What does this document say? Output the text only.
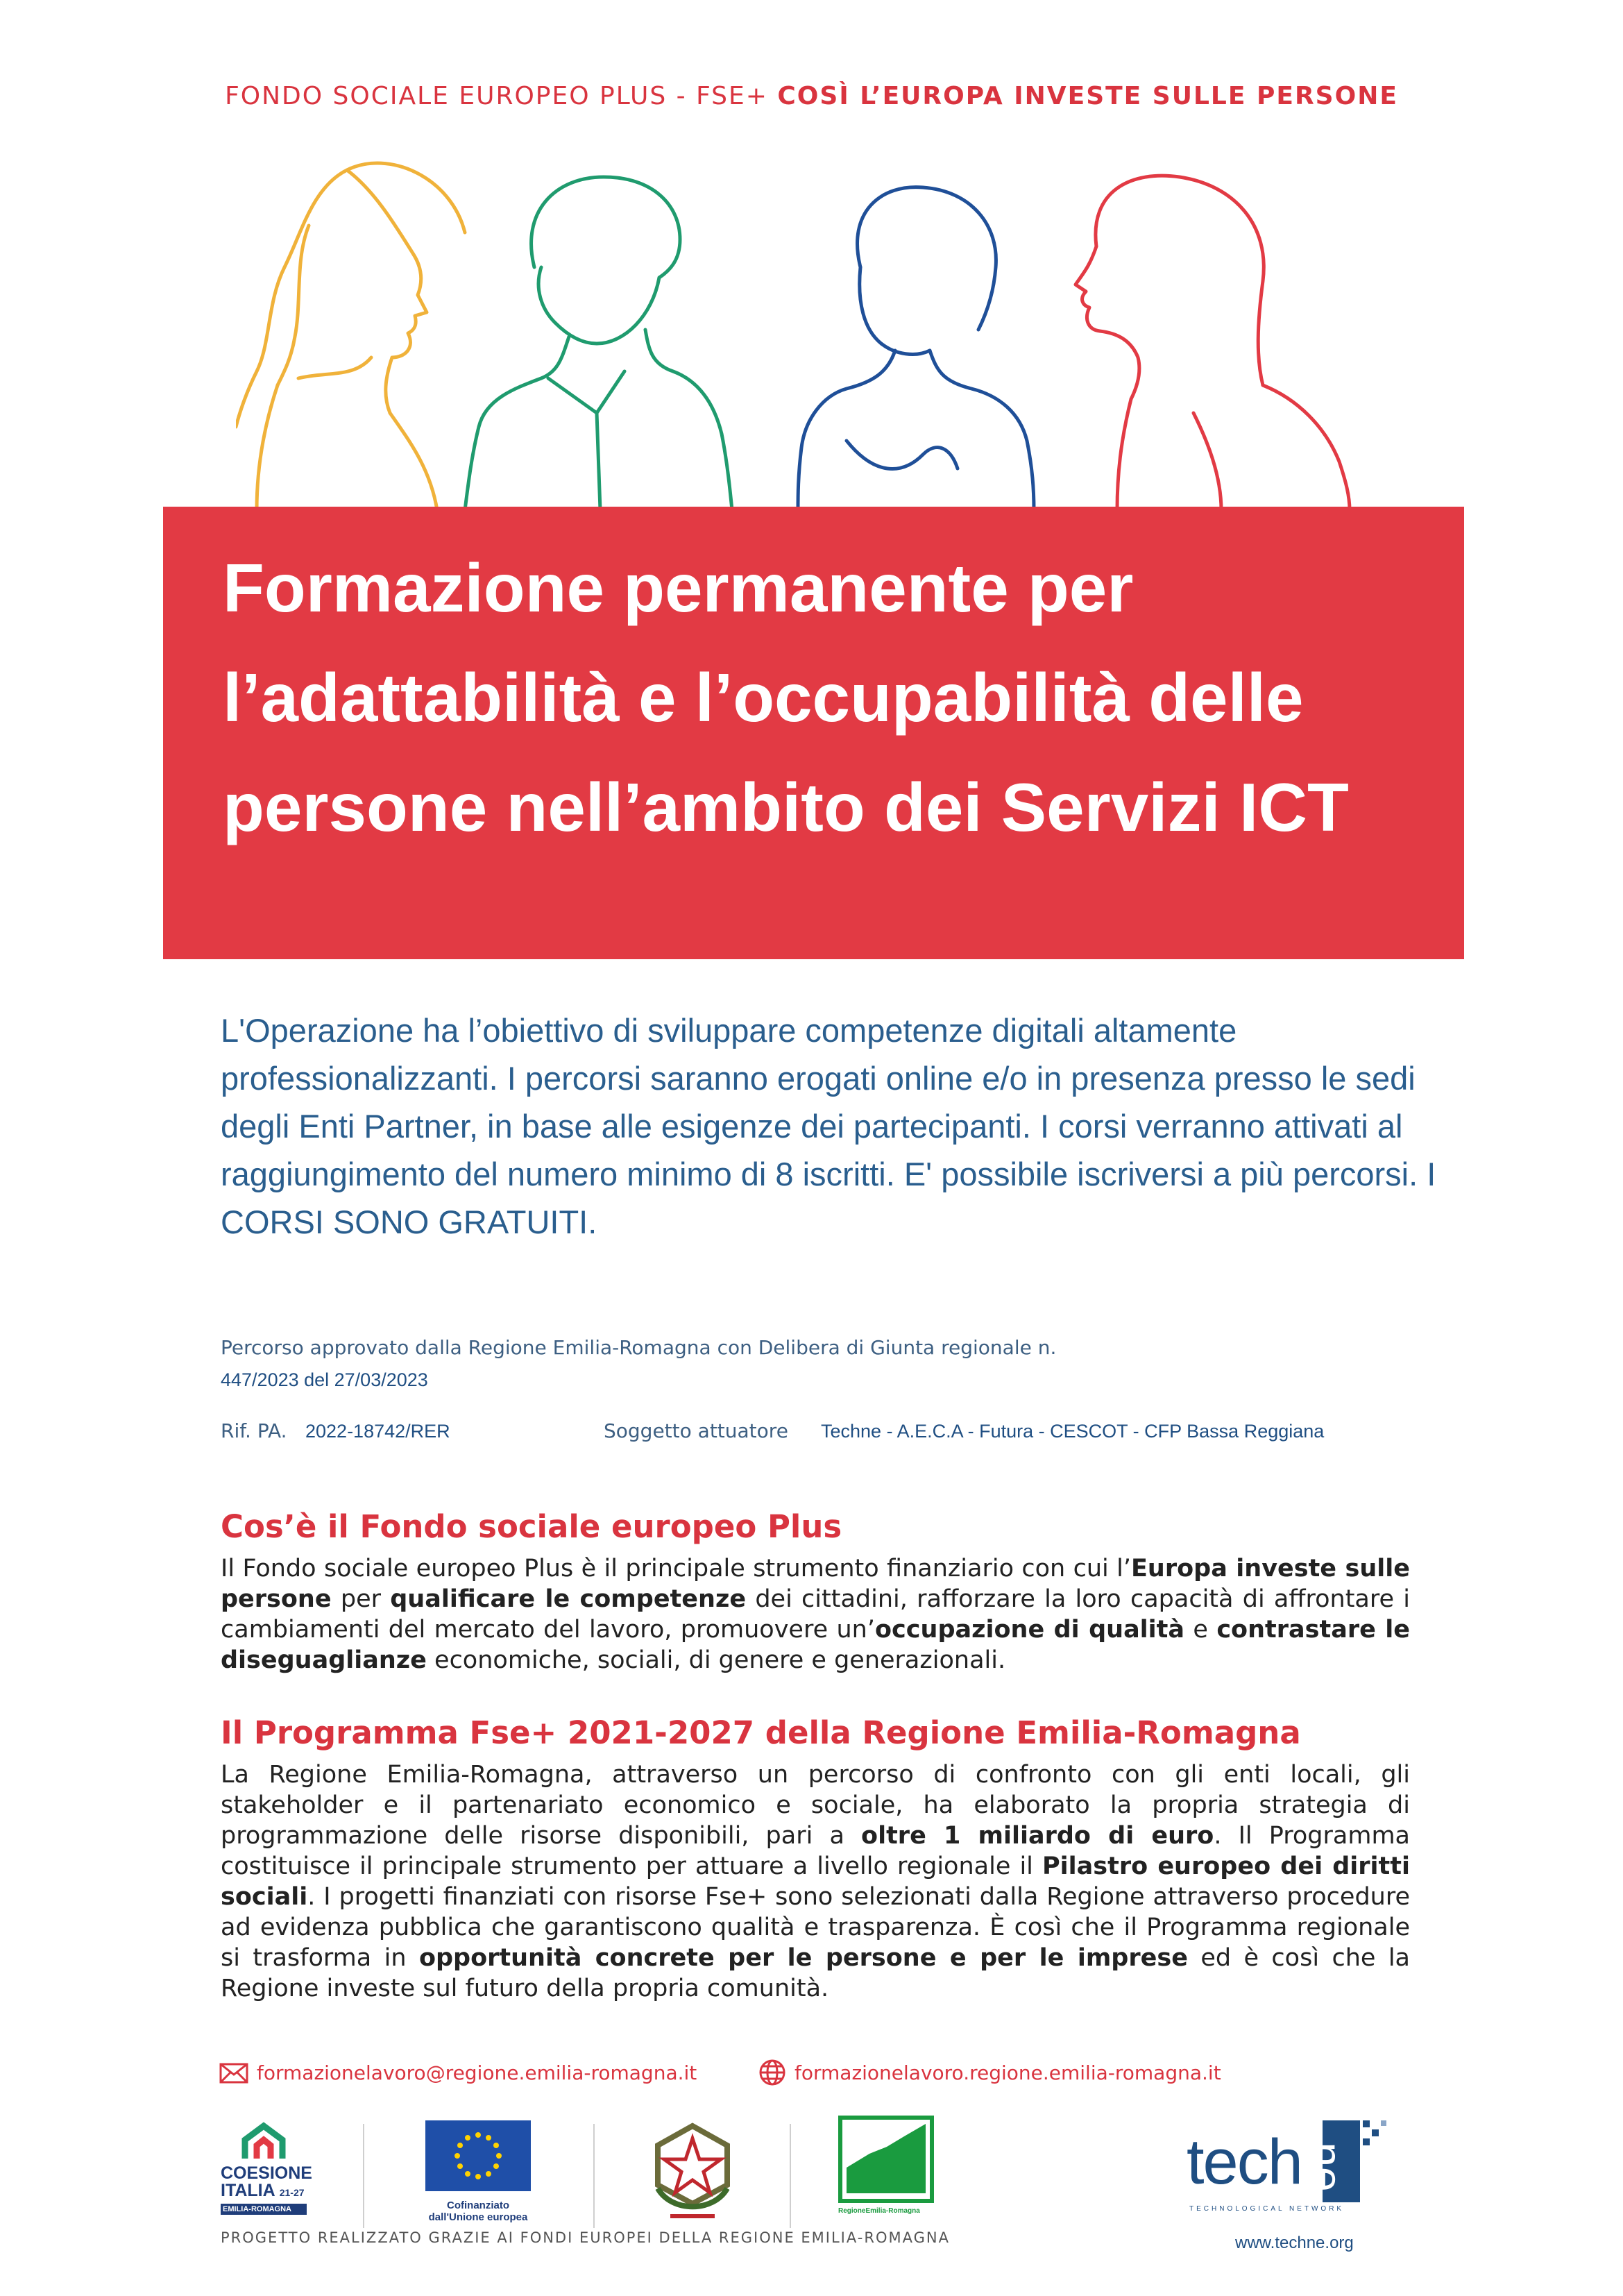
FONDO SOCIALE EUROPEO PLUS - FSE+ COSÌ L’EUROPA INVESTE SULLE PERSONE
Formazione permanente per l’adattabilità e l’occupabilità delle persone nell’ambito dei Servizi ICT
L'Operazione ha l’obiettivo di sviluppare competenze digitali altamente professionalizzanti. I percorsi saranno erogati online e/o in presenza presso le sedi degli Enti Partner, in base alle esigenze dei partecipanti. I corsi verranno attivati al raggiungimento del numero minimo di 8 iscritti. E' possibile iscriversi a più percorsi. I CORSI SONO GRATUITI.
Percorso approvato dalla Regione Emilia-Romagna con Delibera di Giunta regionale n.
447/2023 del 27/03/2023
Rif. PA. 2022-18742/RER	Soggetto attuatore Techne - A.E.C.A - Futura - CESCOT - CFP Bassa Reggiana
Cos’è il Fondo sociale europeo Plus
Il Fondo sociale europeo Plus è il principale strumento finanziario con cui l’Europa investe sulle persone per qualificare le competenze dei cittadini, rafforzare la loro capacità di affrontare i cambiamenti del mercato del lavoro, promuovere un’occupazione di qualità e contrastare le diseguaglianze economiche, sociali, di genere e generazionali.
Il Programma Fse+ 2021-2027 della Regione Emilia-Romagna
La Regione Emilia-Romagna, attraverso un percorso di confronto con gli enti locali, gli stakeholder e il partenariato economico e sociale, ha elaborato la propria strategia di programmazione delle risorse disponibili, pari a oltre 1 miliardo di euro. Il Programma costituisce il principale strumento per attuare a livello regionale il Pilastro europeo dei diritti sociali. I progetti finanziati con risorse Fse+ sono selezionati dalla Regione attraverso procedure ad evidenza pubblica che garantiscono qualità e trasparenza. È così che il Programma regionale si trasforma in opportunità concrete per le persone e per le imprese ed è così che la Regione investe sul futuro della propria comunità.
formazionelavoro@regione.emilia-romagna.it	formazionelavoro.regione.emilia-romagna.it
COESIONE
ITALIA 21-27
EMILIA-ROMAGNA	Cofinanziato dall'Unione europea
RegioneEmilia-Romagna
tech ne
TECHNOLOGICAL NETWORK
www.techne.org
PROGETTO REALIZZATO GRAZIE AI FONDI EUROPEI DELLA REGIONE EMILIA-ROMAGNA
